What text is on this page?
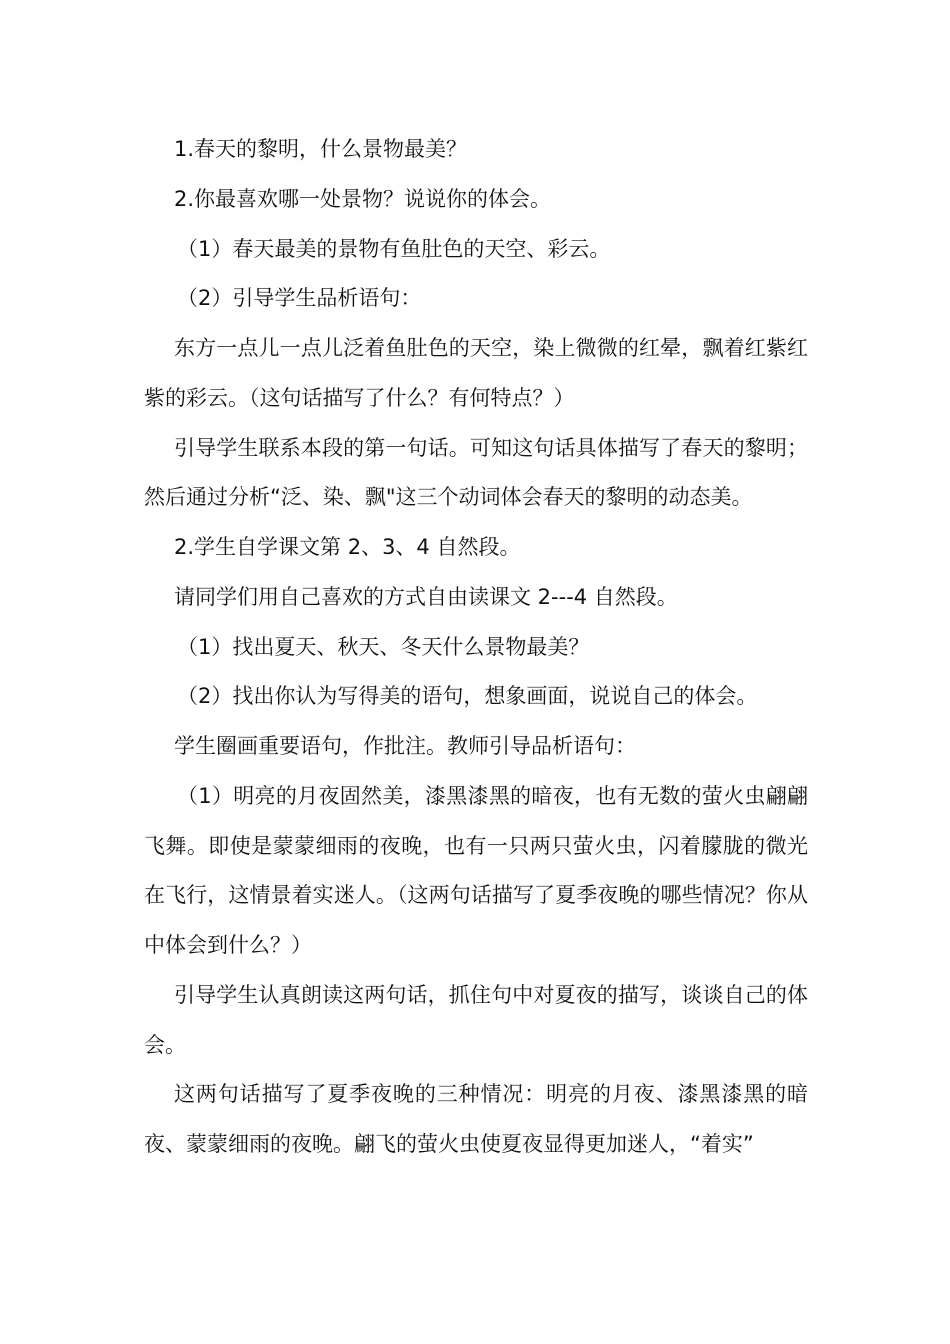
1.春天的黎明，什么景物最美？

2.你最喜欢哪一处景物？说说你的体会。

（1）春天最美的景物有鱼肚色的天空、彩云。

（2）引导学生品析语句：

东方一点儿一点儿泛着鱼肚色的天空，染上微微的红晕，飘着红紫红紫的彩云。（这句话描写了什么？有何特点？）

引导学生联系本段的第一句话。可知这句话具体描写了春天的黎明；然后通过分析“泛、染、飘"这三个动词体会春天的黎明的动态美。

2.学生自学课文第 2、3、4 自然段。

请同学们用自己喜欢的方式自由读课文 2---4 自然段。

（1）找出夏天、秋天、冬天什么景物最美？

（2）找出你认为写得美的语句，想象画面，说说自己的体会。

学生圈画重要语句，作批注。教师引导品析语句：

（1）明亮的月夜固然美，漆黑漆黑的暗夜，也有无数的萤火虫翩翩飞舞。即使是蒙蒙细雨的夜晚，也有一只两只萤火虫，闪着朦胧的微光在飞行，这情景着实迷人。（这两句话描写了夏季夜晚的哪些情况？你从中体会到什么？）

引导学生认真朗读这两句话，抓住句中对夏夜的描写，谈谈自己的体会。

这两句话描写了夏季夜晚的三种情况：明亮的月夜、漆黑漆黑的暗夜、蒙蒙细雨的夜晚。翩飞的萤火虫使夏夜显得更加迷人，“着实”
